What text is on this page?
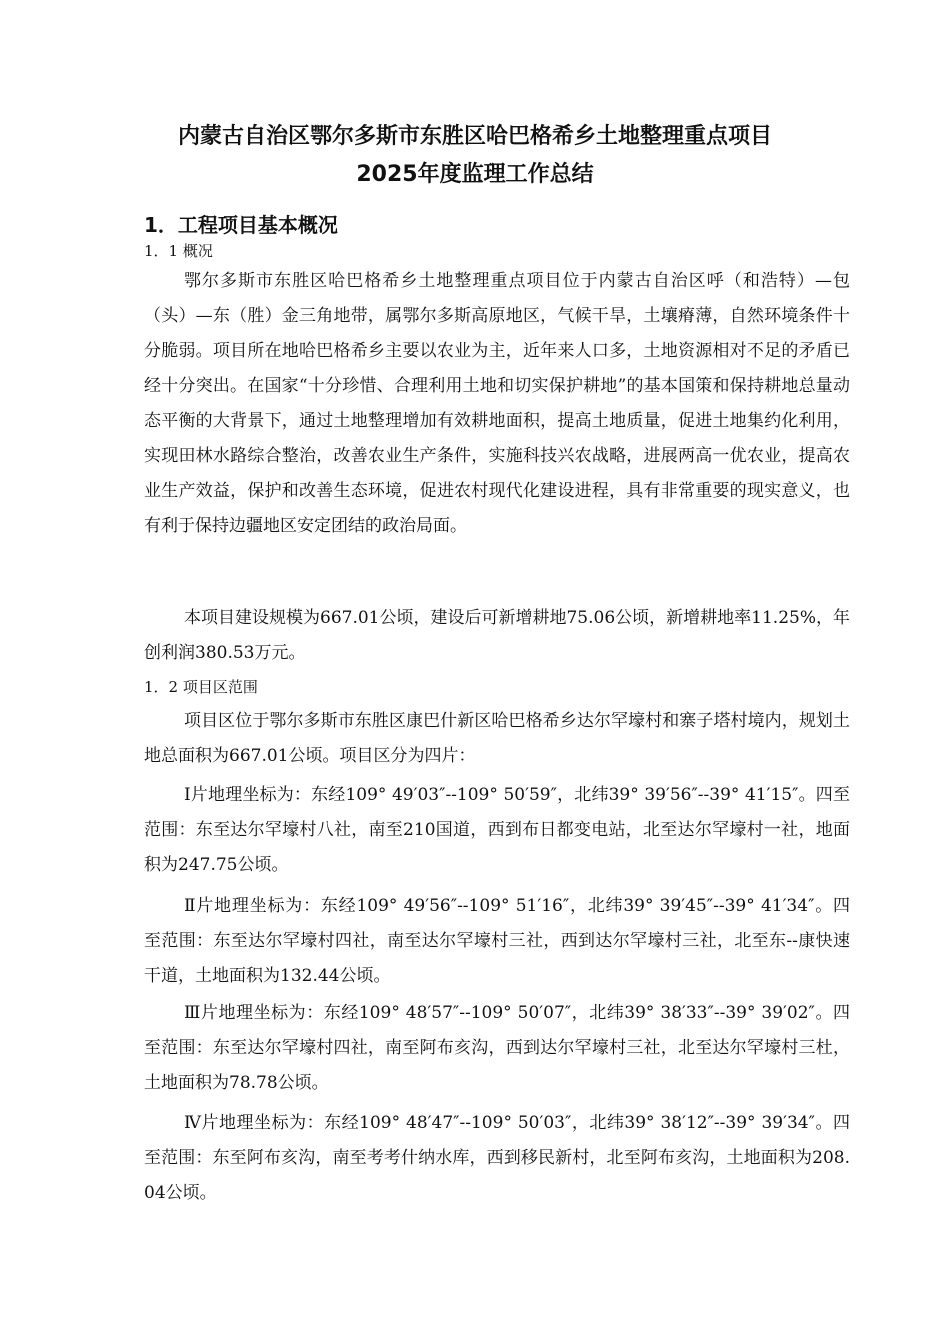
内蒙古自治区鄂尔多斯市东胜区哈巴格希乡土地整理重点项目
2025年度监理工作总结
1．工程项目基本概况
1．1 概况

鄂尔多斯市东胜区哈巴格希乡土地整理重点项目位于内蒙古自治区呼（和浩特）—包（头）—东（胜）金三角地带，属鄂尔多斯高原地区，气候干旱，土壤瘠薄，自然环境条件十分脆弱。项目所在地哈巴格希乡主要以农业为主，近年来人口多，土地资源相对不足的矛盾已经十分突出。在国家“十分珍惜、合理利用土地和切实保护耕地”的基本国策和保持耕地总量动态平衡的大背景下，通过土地整理增加有效耕地面积，提高土地质量，促进土地集约化利用，实现田林水路综合整治，改善农业生产条件，实施科技兴农战略，进展两高一优农业，提高农业生产效益，保护和改善生态环境，促进农村现代化建设进程，具有非常重要的现实意义，也有利于保持边疆地区安定团结的政治局面。

本项目建设规模为667.01公顷，建设后可新增耕地75.06公顷，新增耕地率11.25%，年创利润380.53万元。

1．2 项目区范围

项目区位于鄂尔多斯市东胜区康巴什新区哈巴格希乡达尔罕壕村和寨子塔村境内，规划土地总面积为667.01公顷。项目区分为四片：

Ⅰ片地理坐标为：东经109° 49′03″--109° 50′59″，北纬39° 39′56″--39° 41′15″。四至范围：东至达尔罕壕村八社，南至210国道，西到布日都变电站，北至达尔罕壕村一社，地面积为247.75公顷。

Ⅱ片地理坐标为：东经109° 49′56″--109° 51′16″，北纬39° 39′45″--39° 41′34″。四至范围：东至达尔罕壕村四社，南至达尔罕壕村三社，西到达尔罕壕村三社，北至东--康快速干道，土地面积为132.44公顷。

Ⅲ片地理坐标为：东经109° 48′57″--109° 50′07″，北纬39° 38′33″--39° 39′02″。四至范围：东至达尔罕壕村四社，南至阿布亥沟，西到达尔罕壕村三社，北至达尔罕壕村三杜，土地面积为78.78公顷。

Ⅳ片地理坐标为：东经109° 48′47″--109° 50′03″，北纬39° 38′12″--39° 39′34″。四至范围：东至阿布亥沟，南至考考什纳水库，西到移民新村，北至阿布亥沟，土地面积为208.04公顷。
